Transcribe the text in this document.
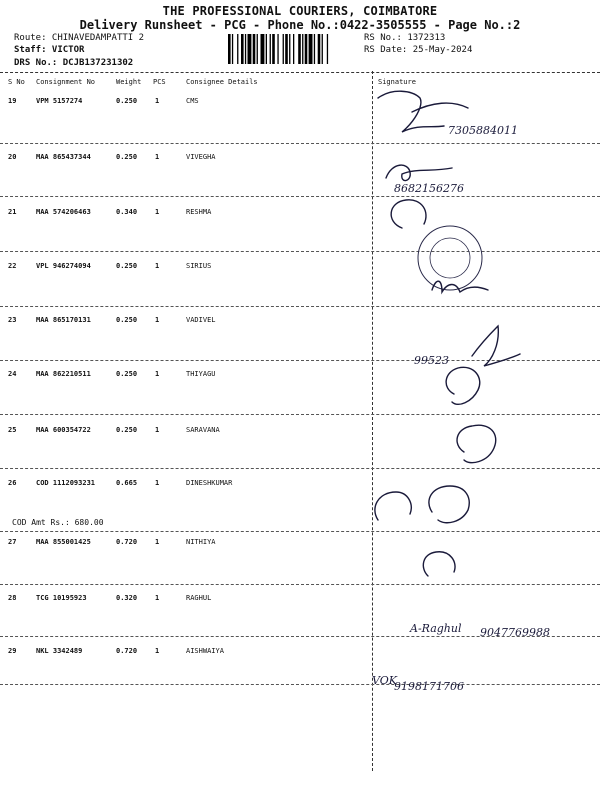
THE PROFESSIONAL COURIERS, COIMBATORE
Delivery Runsheet - PCG - Phone No.:0422-3505555 - Page No.:2
Route: CHINAVEDAMPATTI 2
Staff: VICTOR
DRS No.: DCJB137231302
RS No.: 1372313
RS Date: 25-May-2024
S No Consignment No	Weight PCS	Consignee Details	Signature
19	VPM 5157274	0.250	1	CMS
20	MAA 865437344	0.250	1	VIVEGHA
21	MAA 574206463	0.340	1	RESHMA
22	VPL 946274094	0.250	1	SIRIUS
23	MAA 865170131	0.250	1	VADIVEL
24	MAA 862210511	0.250	1	THIYAGU
25	MAA 600354722	0.250	1	SARAVANA
26	COD 1112093231	0.665	1	DINESHKUMAR
COD Amt Rs.: 680.00
27	MAA 855001425	0.720	1	NITHIYA
28	TCG 10195923	0.320	1	RAGHUL
29	NKL 3342489	0.720	1	AISHWAIYA
7305884011
8682156276
99523
A-Raghul 9047769988
VOK
9198171706
